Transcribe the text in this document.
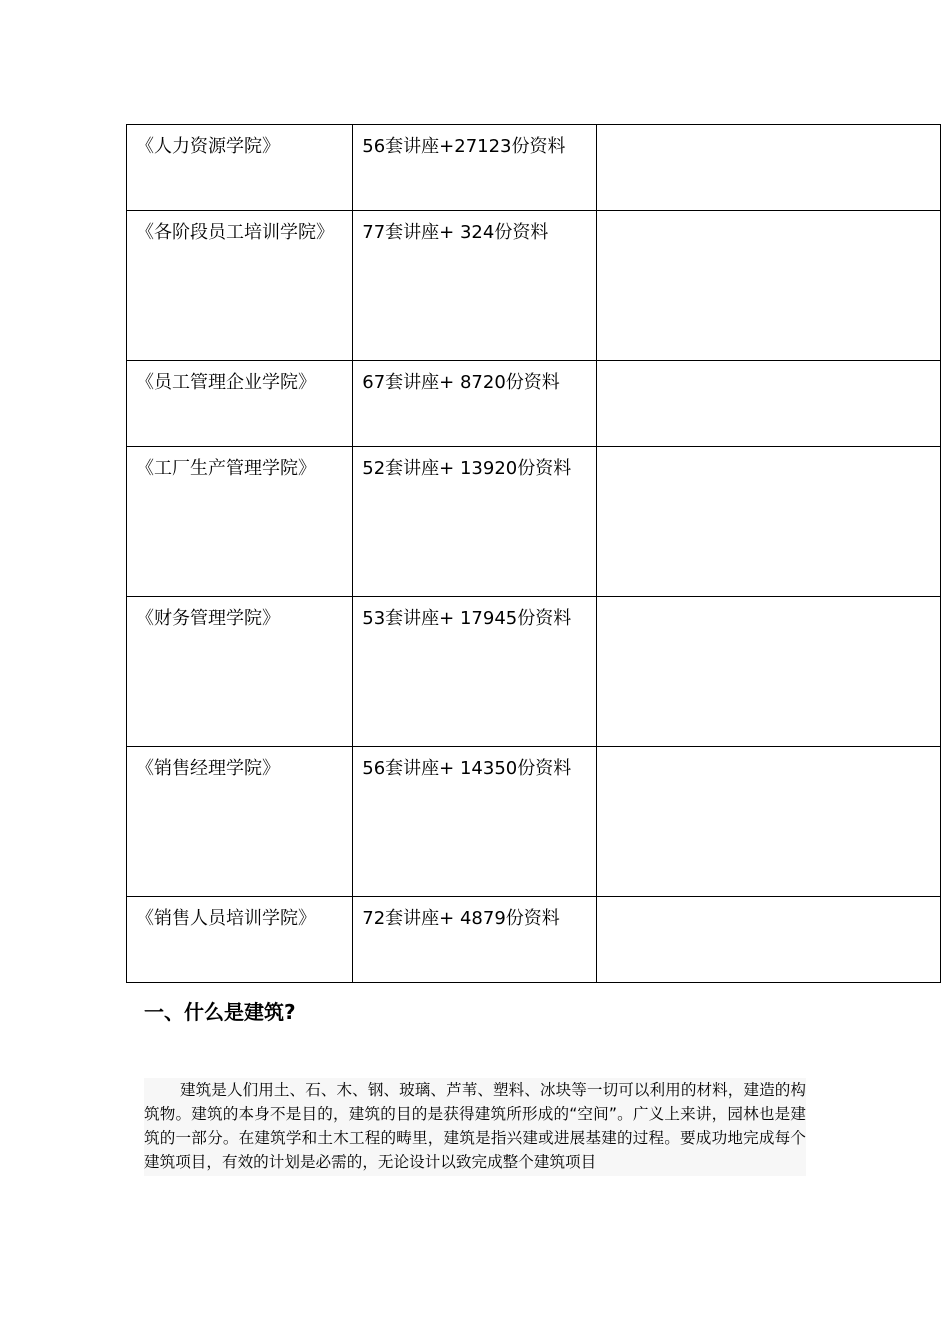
《人力资源学院》	56套讲座+27123份资料	

《各阶段员工培训学院》	77套讲座+ 324份资料	

《员工管理企业学院》	67套讲座+ 8720份资料	

《工厂生产管理学院》	52套讲座+ 13920份资料	

《财务管理学院》	53套讲座+ 17945份资料	

《销售经理学院》	56套讲座+ 14350份资料	

《销售人员培训学院》	72套讲座+ 4879份资料	

一、什么是建筑?

建筑是人们用土、石、木、钢、玻璃、芦苇、塑料、冰块等一切可以利用的材料，建造的构筑物。建筑的本身不是目的，建筑的目的是获得建筑所形成的“空间”。广义上来讲，园林也是建筑的一部分。在建筑学和土木工程的畴里，建筑是指兴建或进展基建的过程。要成功地完成每个建筑项目，有效的计划是必需的，无论设计以致完成整个建筑项目
